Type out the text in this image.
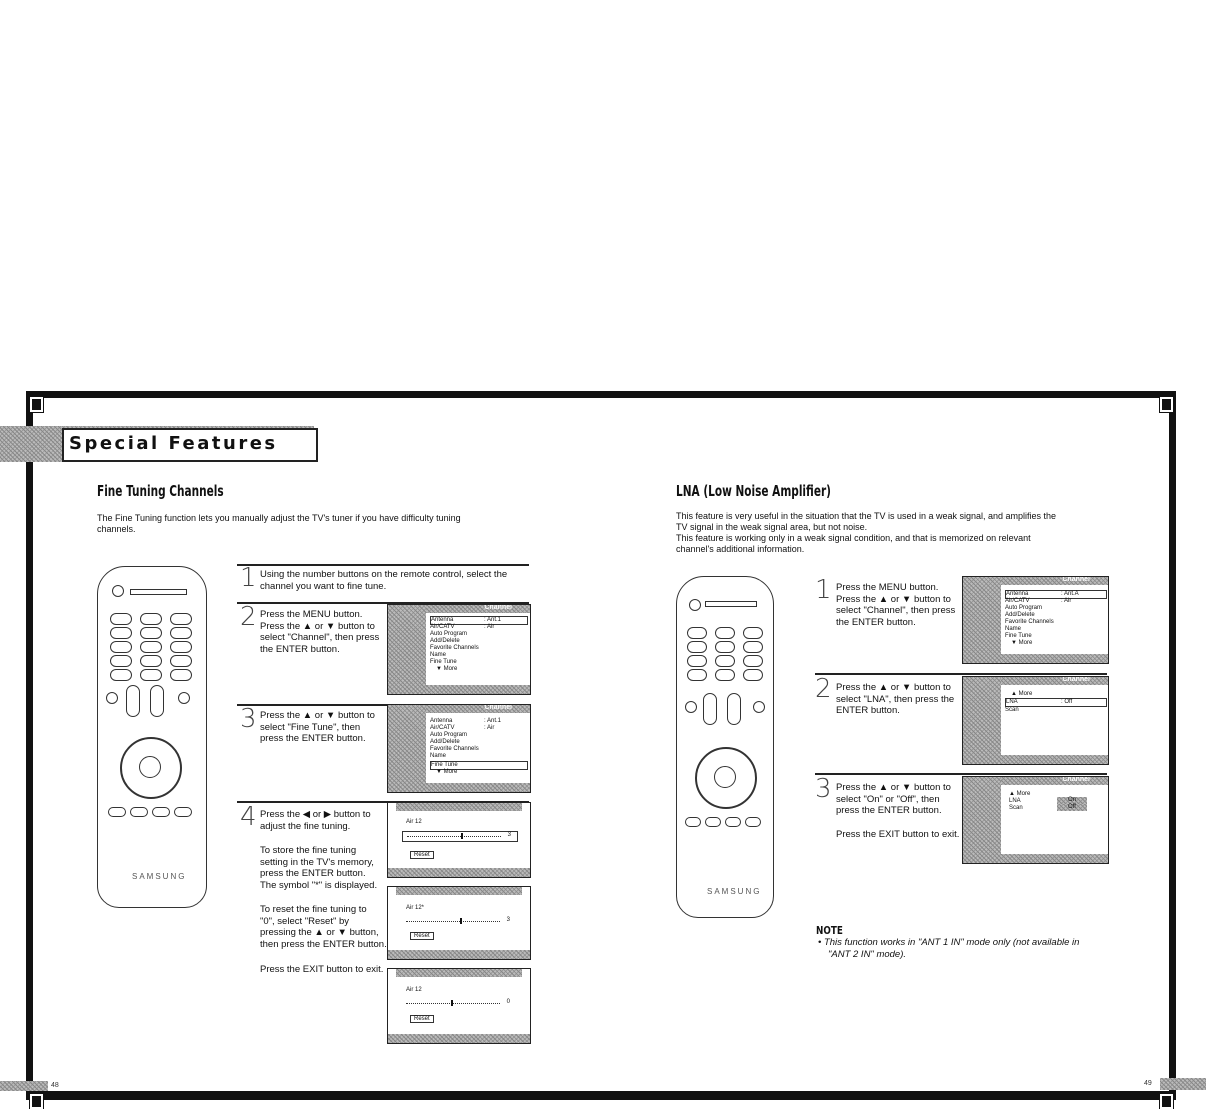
Special Features
Fine Tuning Channels
The Fine Tuning function lets you manually adjust the TV's tuner if you have difficulty tuning
channels.
SAMSUNG
1 Using the number buttons on the remote control, select the
channel you want to fine tune.
2 Press the MENU button.
Press the ▲ or ▼ button to
select "Channel", then press
the ENTER button.
Channel
Antenna	: Ant.1
Air/CATV	: Air
Auto Program
Add/Delete
Favorite Channels
Name
Fine Tune
▼ More
3 Press the ▲ or ▼ button to
select "Fine Tune", then
press the ENTER button.
Channel
Antenna	: Ant.1
Air/CATV	: Air
Auto Program
Add/Delete
Favorite Channels
Name
Fine Tune
▼ More
4 Press the ◀ or ▶ button to
adjust the fine tuning.
To store the fine tuning
setting in the TV's memory,
press the ENTER button.
The symbol "*" is displayed.
To reset the fine tuning to
"0", select "Reset" by
pressing the ▲ or ▼ button,
then press the ENTER button.
Press the EXIT button to exit.
Air 12
3
Reset
Air 12*
3
Reset
Air 12
0
Reset
LNA (Low Noise Amplifier)
This feature is very useful in the situation that the TV is used in a weak signal, and amplifies the
TV signal in the weak signal area, but not noise.
This feature is working only in a weak signal condition, and that is memorized on relevant
channel's additional information.
SAMSUNG
1 Press the MENU button.
Press the ▲ or ▼ button to
select "Channel", then press
the ENTER button.
Channel
Antenna	: Ant.A
Air/CATV	: Air
Auto Program
Add/Delete
Favorite Channels
Name
Fine Tune
▼ More
2 Press the ▲ or ▼ button to
select "LNA", then press the
ENTER button.
Channel
▲ More
LNA	: Off
Scan
3 Press the ▲ or ▼ button to
select "On" or "Off", then
press the ENTER button.
Press the EXIT button to exit.
Channel
▲ More
LNA
Scan
On
Off
NOTE
• This function works in "ANT 1 IN" mode only (not available in
"ANT 2 IN" mode).
48	49
